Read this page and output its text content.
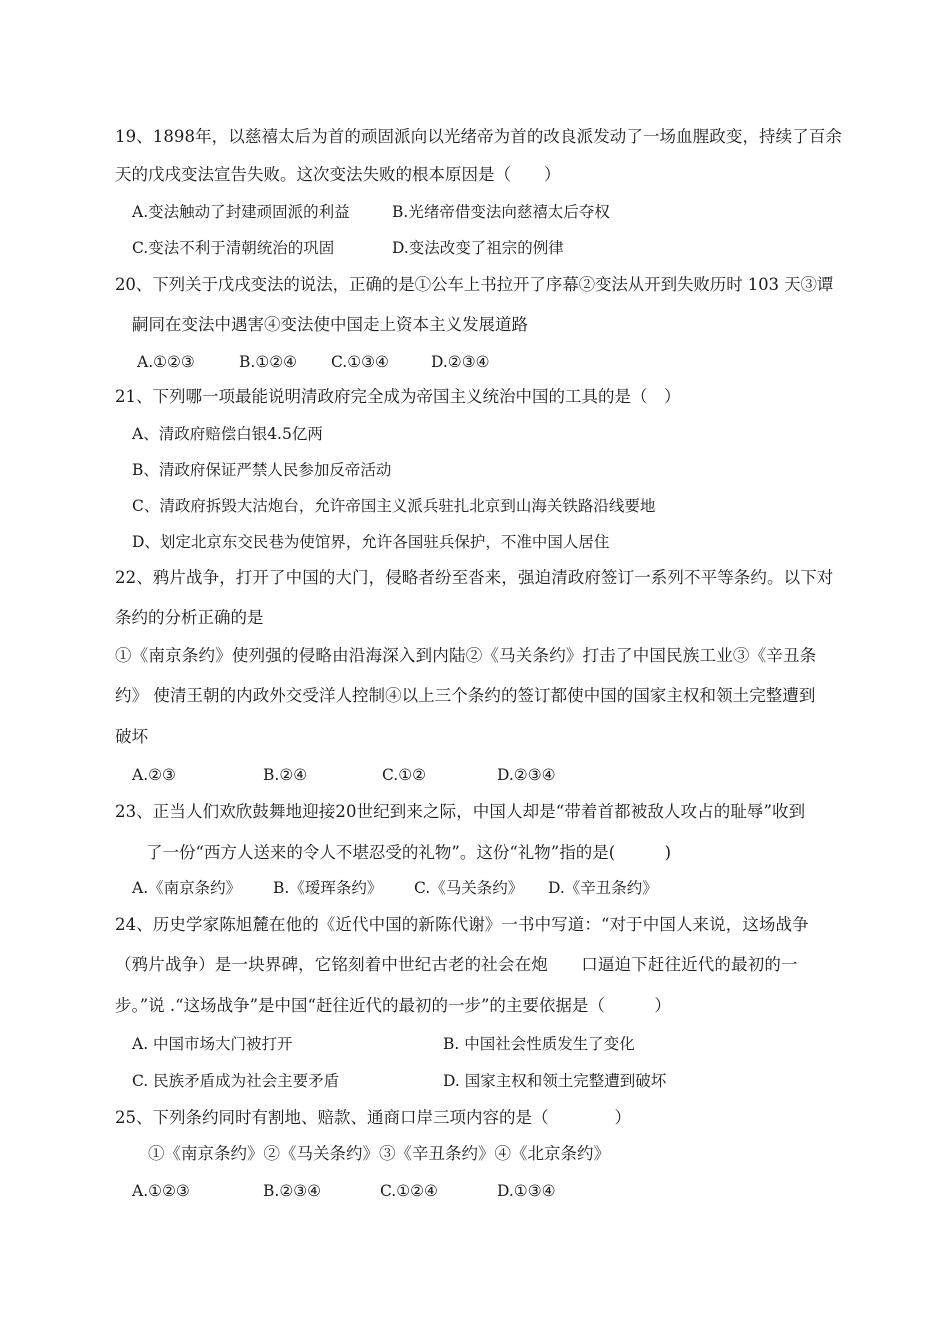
19、1898年，以慈禧太后为首的顽固派向以光绪帝为首的改良派发动了一场血腥政变，持续了百余
天的戊戌变法宣告失败。这次变法失败的根本原因是（　　）
A.变法触动了封建顽固派的利益	B.光绪帝借变法向慈禧太后夺权
C.变法不利于清朝统治的巩固	D.变法改变了祖宗的例律
20、下列关于戊戌变法的说法，正确的是①公车上书拉开了序幕②变法从开到失败历时 103 天③谭
嗣同在变法中遇害④变法使中国走上资本主义发展道路
A.①②③	B.①②④ C.①③④	D.②③④
21、下列哪一项最能说明清政府完全成为帝国主义统治中国的工具的是（　）
A、清政府赔偿白银4.5亿两
B、清政府保证严禁人民参加反帝活动
C、清政府拆毁大沽炮台，允许帝国主义派兵驻扎北京到山海关铁路沿线要地
D、划定北京东交民巷为使馆界，允许各国驻兵保护，不准中国人居住
22、鸦片战争，打开了中国的大门，侵略者纷至沓来，强迫清政府签订一系列不平等条约。以下对
条约的分析正确的是
①《南京条约》使列强的侵略由沿海深入到内陆②《马关条约》打击了中国民族工业③《辛丑条
约》 使清王朝的内政外交受洋人控制④以上三个条约的签订都使中国的国家主权和领土完整遭到
破坏
A.②③	B.②④	C.①②	D.②③④
23、正当人们欢欣鼓舞地迎接20世纪到来之际，中国人却是“带着首都被敌人攻占的耻辱”收到
了一份“西方人送来的令人不堪忍受的礼物”。这份“礼物”指的是(　　　)
A.《南京条约》 B.《瑷珲条约》 C.《马关条约》 D.《辛丑条约》
24、历史学家陈旭麓在他的《近代中国的新陈代谢》一书中写道：“对于中国人来说，这场战争
（鸦片战争）是一块界碑，它铭刻着中世纪古老的社会在炮　　口逼迫下赶往近代的最初的一
步。”说 .“这场战争”是中国“赶往近代的最初的一步”的主要依据是（　　　）
A. 中国市场大门被打开	B. 中国社会性质发生了变化
C. 民族矛盾成为社会主要矛盾	D. 国家主权和领土完整遭到破坏
25、下列条约同时有割地、赔款、通商口岸三项内容的是（　　　　）
①《南京条约》②《马关条约》③《辛丑条约》④《北京条约》
A.①②③	B.②③④	C.①②④	D.①③④
